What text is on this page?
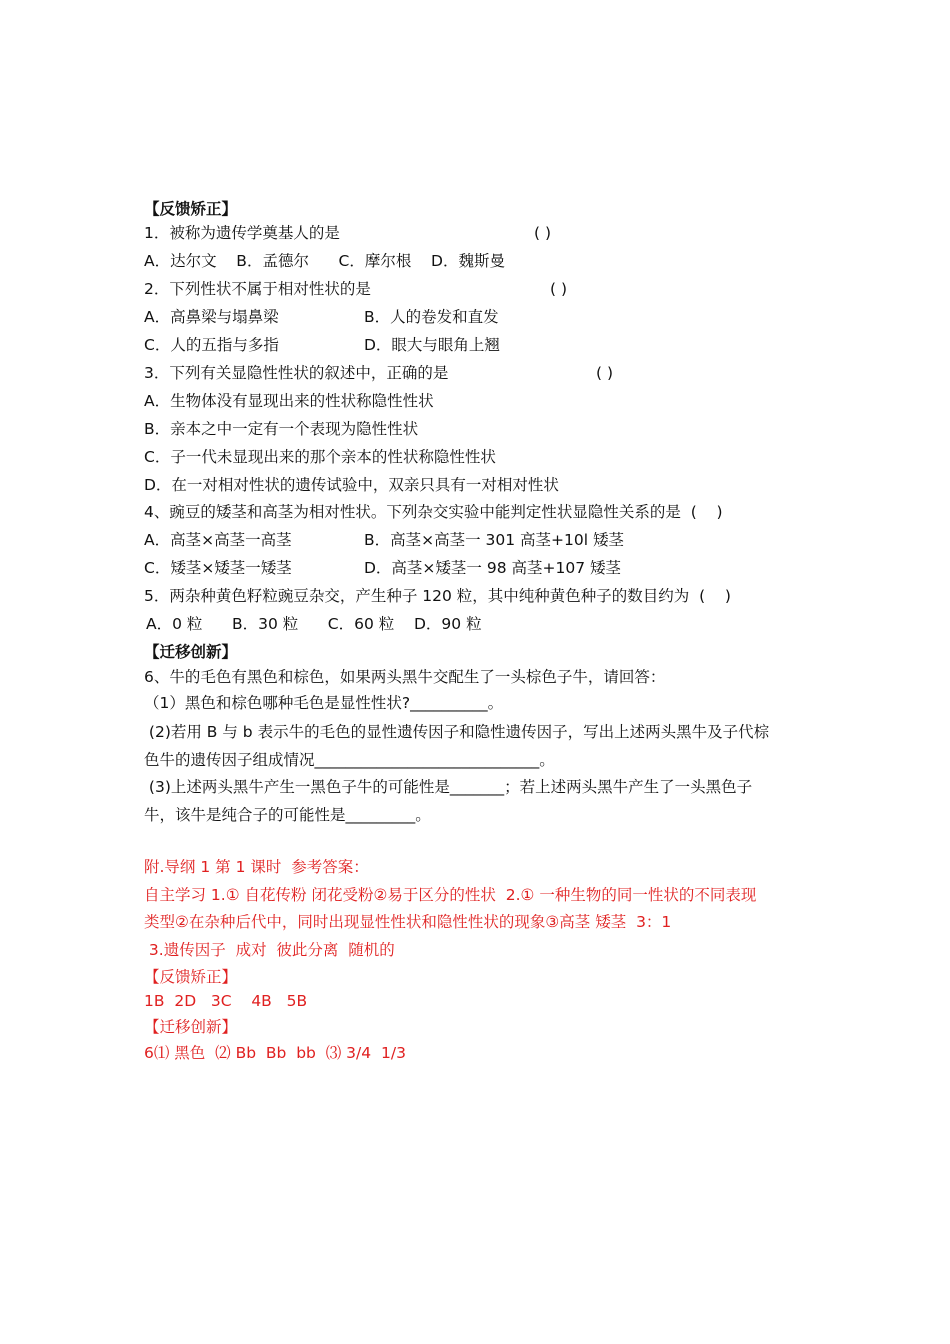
【反馈矫正】
1．被称为遗传学奠基人的是	( )
A．达尔文    B．孟德尔      C．摩尔根    D．魏斯曼
2．下列性状不属于相对性状的是	( )
A．高鼻梁与塌鼻梁	B．人的卷发和直发
C．人的五指与多指	D．眼大与眼角上翘
3．下列有关显隐性性状的叙述中，正确的是	( )
A．生物体没有显现出来的性状称隐性性状
B．亲本之中一定有一个表现为隐性性状
C．子一代未显现出来的那个亲本的性状称隐性性状
D．在一对相对性状的遗传试验中，双亲只具有一对相对性状
4、豌豆的矮茎和高茎为相对性状。下列杂交实验中能判定性状显隐性关系的是  (    )
A．高茎×高茎一高茎	B．高茎×高茎一 301 高茎+10l 矮茎
C．矮茎×矮茎一矮茎	D．高茎×矮茎一 98 高茎+107 矮茎
5．两杂种黄色籽粒豌豆杂交，产生种子 120 粒，其中纯种黄色种子的数目约为  (    )
A．0 粒      B．30 粒      C．60 粒    D．90 粒
【迁移创新】
6、牛的毛色有黑色和棕色，如果两头黑牛交配生了一头棕色子牛，请回答：
（1）黑色和棕色哪种毛色是显性性状?__________。
(2)若用 B 与 b 表示牛的毛色的显性遗传因子和隐性遗传因子，写出上述两头黑牛及子代棕
色牛的遗传因子组成情况_____________________________。
(3)上述两头黑牛产生一黑色子牛的可能性是_______；若上述两头黑牛产生了一头黑色子
牛，该牛是纯合子的可能性是_________。
附.导纲 1 第 1 课时  参考答案：
自主学习 1.① 自花传粉 闭花受粉②易于区分的性状  2.① 一种生物的同一性状的不同表现
类型②在杂种后代中，同时出现显性性状和隐性性状的现象③高茎 矮茎  3：1
3.遗传因子  成对  彼此分离  随机的
【反馈矫正】
1B  2D   3C    4B   5B
【迁移创新】
6⑴ 黑色  ⑵ Bb  Bb  bb  ⑶ 3/4  1/3
